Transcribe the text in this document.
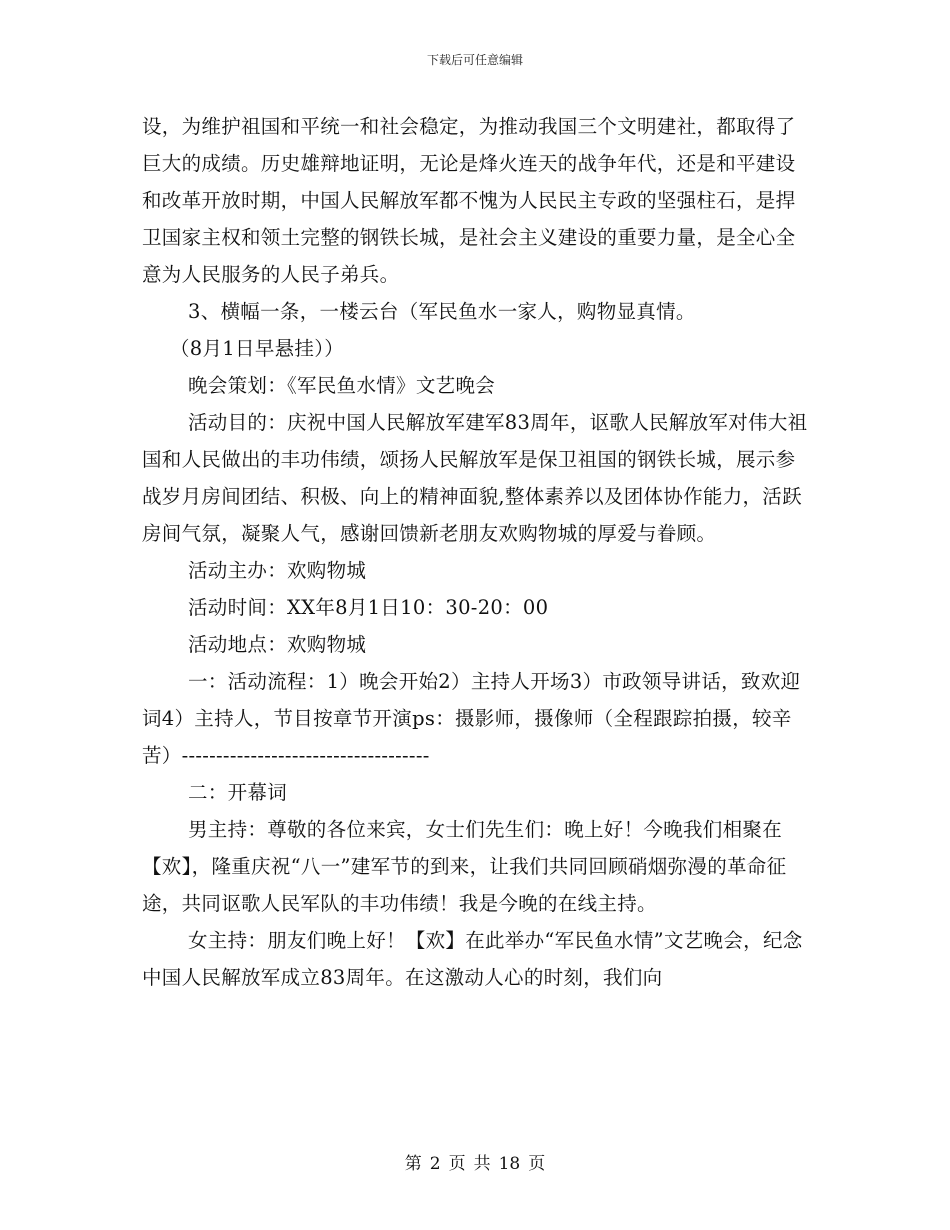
下载后可任意编辑

设，为维护祖国和平统一和社会稳定，为推动我国三个文明建社，都取得了巨大的成绩。历史雄辩地证明，无论是烽火连天的战争年代，还是和平建设和改革开放时期，中国人民解放军都不愧为人民民主专政的坚强柱石，是捍卫国家主权和领土完整的钢铁长城，是社会主义建设的重要力量，是全心全意为人民服务的人民子弟兵。

3、横幅一条，一楼云台（军民鱼水一家人，购物显真情。

（8月1日早悬挂））

晚会策划：《军民鱼水情》文艺晚会

活动目的：庆祝中国人民解放军建军83周年，讴歌人民解放军对伟大祖国和人民做出的丰功伟绩，颂扬人民解放军是保卫祖国的钢铁长城，展示参战岁月房间团结、积极、向上的精神面貌,整体素养以及团体协作能力，活跃房间气氛，凝聚人气，感谢回馈新老朋友欢购物城的厚爱与眷顾。

活动主办：欢购物城

活动时间：XX年8月1日10：30-20：00

活动地点：欢购物城

一：活动流程：1）晚会开始2）主持人开场3）市政领导讲话，致欢迎词4）主持人，节目按章节开演ps：摄影师，摄像师（全程跟踪拍摄，较辛苦）------------------------------------

二：开幕词

男主持：尊敬的各位来宾，女士们先生们：晚上好！今晚我们相聚在【欢】，隆重庆祝“八一”建军节的到来，让我们共同回顾硝烟弥漫的革命征途，共同讴歌人民军队的丰功伟绩！我是今晚的在线主持。

女主持：朋友们晚上好！【欢】在此举办“军民鱼水情”文艺晚会，纪念中国人民解放军成立83周年。在这激动人心的时刻，我们向

第 2 页 共 18 页
